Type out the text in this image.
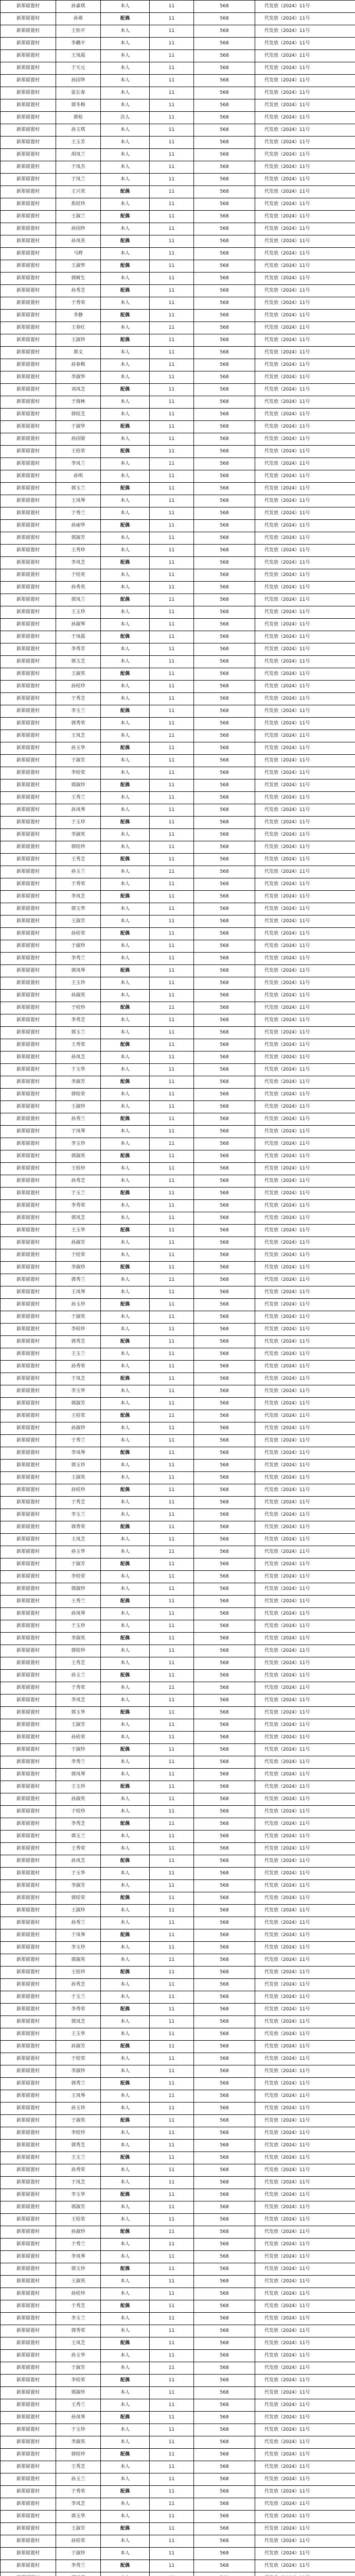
新郑留置村	孙嘉琪	本人	11	568	代发放（2024）11号
新郑留置村	孙萌	配偶	11	568	代发放（2024）11号
新郑留置村	王怡平	本人	11	568	代发放（2024）11号
新郑留置村	李璐平	本人	11	568	代发放（2024）11号
新郑留置村	王凤霞	本人	11	568	代发放（2024）11号
新郑留置村	于天元	本人	11	568	代发放（2024）11号
新郑留置村	孙国华	本人	11	568	代发放（2024）11号
新郑留置村	张长春	本人	11	568	代发放（2024）11号
新郑留置村	郭冬梅	本人	11	568	代发放（2024）11号
新郑留置村	郭桂	次人	11	568	代发放（2024）11号
新郑留置村	孙玉琪	本人	11	568	代发放（2024）11号
新郑留置村	王玉芳	本人	11	568	代发放（2024）11号
新郑留置村	胡凤兰	本人	11	568	代发放（2024）11号
新郑留置村	于凤杰	本人	11	568	代发放（2024）11号
新郑留置村	于凤兰	本人	11	568	代发放（2024）11号
新郑留置村	王兴荣	配偶	11	568	代发放（2024）11号
新郑留置村	焦桂珍	本人	11	568	代发放（2024）11号
新郑留置村	王淑兰	配偶	11	568	代发放（2024）11号
新郑留置村	孙国珍	本人	11	568	代发放（2024）11号
新郑留置村	孙凤英	配偶	11	568	代发放（2024）11号
新郑留置村	马辉	本人	11	568	代发放（2024）11号
新郑留置村	王淑华	配偶	11	568	代发放（2024）11号
新郑留置村	郭树生	本人	11	568	代发放（2024）11号
新郑留置村	孙秀芝	配偶	11	568	代发放（2024）11号
新郑留置村	于秀荣	本人	11	568	代发放（2024）11号
新郑留置村	李静	配偶	11	568	代发放（2024）11号
新郑留置村	王春红	本人	11	568	代发放（2024）11号
新郑留置村	王淑珍	配偶	11	568	代发放（2024）11号
新郑留置村	郭文	本人	11	568	代发放（2024）11号
新郑留置村	孙春梅	本人	11	568	代发放（2024）11号
新郑留置村	李淑华	本人	11	568	代发放（2024）11号
新郑留置村	刘凤芝	配偶	11	568	代发放（2024）11号
新郑留置村	于海林	本人	11	568	代发放（2024）11号
新郑留置村	郭桂芝	本人	11	568	代发放（2024）11号
新郑留置村	于淑华	配偶	11	568	代发放（2024）11号
新郑留置村	孙国梁	本人	11	568	代发放（2024）11号
新郑留置村	王桂荣	配偶	11	568	代发放（2024）11号
新郑留置村	李凤兰	本人	11	568	代发放（2024）11号
新郑留置村	孙明	本人	11	568	代发放（2024）11号
新郑留置村	郭玉兰	配偶	11	568	代发放（2024）11号
新郑留置村	王凤琴	本人	11	568	代发放（2024）11号
新郑留置村	于秀兰	本人	11	568	代发放（2024）11号
新郑留置村	孙丽华	配偶	11	568	代发放（2024）11号
新郑留置村	郭淑芳	本人	11	568	代发放（2024）11号
新郑留置村	王秀珍	本人	11	568	代发放（2024）11号
新郑留置村	李凤芝	配偶	11	568	代发放（2024）11号
新郑留置村	于桂英	本人	11	568	代发放（2024）11号
新郑留置村	孙秀英	本人	11	568	代发放（2024）11号
新郑留置村	郭凤兰	配偶	11	568	代发放（2024）11号
新郑留置村	王玉珍	本人	11	568	代发放（2024）11号
新郑留置村	孙淑琴	本人	11	568	代发放（2024）11号
新郑留置村	于凤霞	配偶	11	568	代发放（2024）11号
新郑留置村	李秀芳	本人	11	568	代发放（2024）11号
新郑留置村	郭玉芝	本人	11	568	代发放（2024）11号
新郑留置村	王淑英	配偶	11	568	代发放（2024）11号
新郑留置村	孙桂珍	本人	11	568	代发放（2024）11号
新郑留置村	于秀芝	本人	11	568	代发放（2024）11号
新郑留置村	李玉兰	配偶	11	568	代发放（2024）11号
新郑留置村	郭秀荣	本人	11	568	代发放（2024）11号
新郑留置村	王凤芝	本人	11	568	代发放（2024）11号
新郑留置村	孙玉华	配偶	11	568	代发放（2024）11号
新郑留置村	于淑芳	本人	11	568	代发放（2024）11号
新郑留置村	李桂荣	本人	11	568	代发放（2024）11号
新郑留置村	郭淑珍	配偶	11	568	代发放（2024）11号
新郑留置村	王秀兰	本人	11	568	代发放（2024）11号
新郑留置村	孙凤琴	本人	11	568	代发放（2024）11号
新郑留置村	于玉珍	配偶	11	568	代发放（2024）11号
新郑留置村	李淑英	本人	11	568	代发放（2024）11号
新郑留置村	郭桂珍	本人	11	568	代发放（2024）11号
新郑留置村	王秀芝	配偶	11	568	代发放（2024）11号
新郑留置村	孙玉兰	本人	11	568	代发放（2024）11号
新郑留置村	于秀荣	本人	11	568	代发放（2024）11号
新郑留置村	李凤芝	配偶	11	568	代发放（2024）11号
新郑留置村	郭玉华	本人	11	568	代发放（2024）11号
新郑留置村	王淑芳	本人	11	568	代发放（2024）11号
新郑留置村	孙桂荣	配偶	11	568	代发放（2024）11号
新郑留置村	于淑珍	本人	11	568	代发放（2024）11号
新郑留置村	李秀兰	本人	11	568	代发放（2024）11号
新郑留置村	郭凤琴	配偶	11	568	代发放（2024）11号
新郑留置村	王玉珍	本人	11	568	代发放（2024）11号
新郑留置村	孙淑英	本人	11	568	代发放（2024）11号
新郑留置村	于桂珍	配偶	11	568	代发放（2024）11号
新郑留置村	李秀芝	本人	11	568	代发放（2024）11号
新郑留置村	郭玉兰	本人	11	568	代发放（2024）11号
新郑留置村	王秀荣	配偶	11	568	代发放（2024）11号
新郑留置村	孙凤芝	本人	11	568	代发放（2024）11号
新郑留置村	于玉华	本人	11	568	代发放（2024）11号
新郑留置村	李淑芳	配偶	11	568	代发放（2024）11号
新郑留置村	郭桂荣	本人	11	568	代发放（2024）11号
新郑留置村	王淑珍	本人	11	568	代发放（2024）11号
新郑留置村	孙秀兰	配偶	11	568	代发放（2024）11号
新郑留置村	于凤琴	本人	11	568	代发放（2024）11号
新郑留置村	李玉珍	本人	11	568	代发放（2024）11号
新郑留置村	郭淑英	配偶	11	568	代发放（2024）11号
新郑留置村	王桂珍	本人	11	568	代发放（2024）11号
新郑留置村	孙秀芝	本人	11	568	代发放（2024）11号
新郑留置村	于玉兰	配偶	11	568	代发放（2024）11号
新郑留置村	李秀荣	本人	11	568	代发放（2024）11号
新郑留置村	郭凤芝	本人	11	568	代发放（2024）11号
新郑留置村	王玉华	配偶	11	568	代发放（2024）11号
新郑留置村	孙淑芳	本人	11	568	代发放（2024）11号
新郑留置村	于桂荣	本人	11	568	代发放（2024）11号
新郑留置村	李淑珍	配偶	11	568	代发放（2024）11号
新郑留置村	郭秀兰	本人	11	568	代发放（2024）11号
新郑留置村	王凤琴	本人	11	568	代发放（2024）11号
新郑留置村	孙玉珍	配偶	11	568	代发放（2024）11号
新郑留置村	于淑英	本人	11	568	代发放（2024）11号
新郑留置村	李桂珍	本人	11	568	代发放（2024）11号
新郑留置村	郭秀芝	配偶	11	568	代发放（2024）11号
新郑留置村	王玉兰	本人	11	568	代发放（2024）11号
新郑留置村	孙秀荣	本人	11	568	代发放（2024）11号
新郑留置村	于凤芝	配偶	11	568	代发放（2024）11号
新郑留置村	李玉华	本人	11	568	代发放（2024）11号
新郑留置村	郭淑芳	本人	11	568	代发放（2024）11号
新郑留置村	王桂荣	配偶	11	568	代发放（2024）11号
新郑留置村	孙淑珍	本人	11	568	代发放（2024）11号
新郑留置村	于秀兰	本人	11	568	代发放（2024）11号
新郑留置村	李凤琴	配偶	11	568	代发放（2024）11号
新郑留置村	郭玉珍	本人	11	568	代发放（2024）11号
新郑留置村	王淑英	本人	11	568	代发放（2024）11号
新郑留置村	孙桂珍	配偶	11	568	代发放（2024）11号
新郑留置村	于秀芝	本人	11	568	代发放（2024）11号
新郑留置村	李玉兰	本人	11	568	代发放（2024）11号
新郑留置村	郭秀荣	配偶	11	568	代发放（2024）11号
新郑留置村	王凤芝	本人	11	568	代发放（2024）11号
新郑留置村	孙玉华	本人	11	568	代发放（2024）11号
新郑留置村	于淑芳	配偶	11	568	代发放（2024）11号
新郑留置村	李桂荣	本人	11	568	代发放（2024）11号
新郑留置村	郭淑珍	本人	11	568	代发放（2024）11号
新郑留置村	王秀兰	配偶	11	568	代发放（2024）11号
新郑留置村	孙凤琴	本人	11	568	代发放（2024）11号
新郑留置村	于玉珍	本人	11	568	代发放（2024）11号
新郑留置村	李淑英	配偶	11	568	代发放（2024）11号
新郑留置村	郭桂珍	本人	11	568	代发放（2024）11号
新郑留置村	王秀芝	本人	11	568	代发放（2024）11号
新郑留置村	孙玉兰	配偶	11	568	代发放（2024）11号
新郑留置村	于秀荣	本人	11	568	代发放（2024）11号
新郑留置村	李凤芝	本人	11	568	代发放（2024）11号
新郑留置村	郭玉华	配偶	11	568	代发放（2024）11号
新郑留置村	王淑芳	本人	11	568	代发放（2024）11号
新郑留置村	孙桂荣	本人	11	568	代发放（2024）11号
新郑留置村	于淑珍	配偶	11	568	代发放（2024）11号
新郑留置村	李秀兰	本人	11	568	代发放（2024）11号
新郑留置村	郭凤琴	本人	11	568	代发放（2024）11号
新郑留置村	王玉珍	配偶	11	568	代发放（2024）11号
新郑留置村	孙淑英	本人	11	568	代发放（2024）11号
新郑留置村	于桂珍	本人	11	568	代发放（2024）11号
新郑留置村	李秀芝	配偶	11	568	代发放（2024）11号
新郑留置村	郭玉兰	本人	11	568	代发放（2024）11号
新郑留置村	王秀荣	本人	11	568	代发放（2024）11号
新郑留置村	孙凤芝	配偶	11	568	代发放（2024）11号
新郑留置村	于玉华	本人	11	568	代发放（2024）11号
新郑留置村	李淑芳	本人	11	568	代发放（2024）11号
新郑留置村	郭桂荣	配偶	11	568	代发放（2024）11号
新郑留置村	王淑珍	本人	11	568	代发放（2024）11号
新郑留置村	孙秀兰	本人	11	568	代发放（2024）11号
新郑留置村	于凤琴	配偶	11	568	代发放（2024）11号
新郑留置村	李玉珍	本人	11	568	代发放（2024）11号
新郑留置村	郭淑英	本人	11	568	代发放（2024）11号
新郑留置村	王桂珍	配偶	11	568	代发放（2024）11号
新郑留置村	孙秀芝	本人	11	568	代发放（2024）11号
新郑留置村	于玉兰	本人	11	568	代发放（2024）11号
新郑留置村	李秀荣	配偶	11	568	代发放（2024）11号
新郑留置村	郭凤芝	本人	11	568	代发放（2024）11号
新郑留置村	王玉华	本人	11	568	代发放（2024）11号
新郑留置村	孙淑芳	配偶	11	568	代发放（2024）11号
新郑留置村	于桂荣	本人	11	568	代发放（2024）11号
新郑留置村	李淑珍	本人	11	568	代发放（2024）11号
新郑留置村	郭秀兰	配偶	11	568	代发放（2024）11号
新郑留置村	王凤琴	本人	11	568	代发放（2024）11号
新郑留置村	孙玉珍	本人	11	568	代发放（2024）11号
新郑留置村	于淑英	配偶	11	568	代发放（2024）11号
新郑留置村	李桂珍	本人	11	568	代发放（2024）11号
新郑留置村	郭秀芝	本人	11	568	代发放（2024）11号
新郑留置村	王玉兰	配偶	11	568	代发放（2024）11号
新郑留置村	孙秀荣	本人	11	568	代发放（2024）11号
新郑留置村	于凤芝	本人	11	568	代发放（2024）11号
新郑留置村	李玉华	配偶	11	568	代发放（2024）11号
新郑留置村	郭淑芳	本人	11	568	代发放（2024）11号
新郑留置村	王桂荣	本人	11	568	代发放（2024）11号
新郑留置村	孙淑珍	配偶	11	568	代发放（2024）11号
新郑留置村	于秀兰	本人	11	568	代发放（2024）11号
新郑留置村	李凤琴	本人	11	568	代发放（2024）11号
新郑留置村	郭玉珍	配偶	11	568	代发放（2024）11号
新郑留置村	王淑英	本人	11	568	代发放（2024）11号
新郑留置村	孙桂珍	本人	11	568	代发放（2024）11号
新郑留置村	于秀芝	配偶	11	568	代发放（2024）11号
新郑留置村	李玉兰	本人	11	568	代发放（2024）11号
新郑留置村	郭秀荣	本人	11	568	代发放（2024）11号
新郑留置村	王凤芝	配偶	11	568	代发放（2024）11号
新郑留置村	孙玉华	本人	11	568	代发放（2024）11号
新郑留置村	于淑芳	本人	11	568	代发放（2024）11号
新郑留置村	李桂荣	配偶	11	568	代发放（2024）11号
新郑留置村	郭淑珍	本人	11	568	代发放（2024）11号
新郑留置村	王秀兰	本人	11	568	代发放（2024）11号
新郑留置村	孙凤琴	配偶	11	568	代发放（2024）11号
新郑留置村	于玉珍	本人	11	568	代发放（2024）11号
新郑留置村	李淑英	本人	11	568	代发放（2024）11号
新郑留置村	郭桂珍	配偶	11	568	代发放（2024）11号
新郑留置村	王秀芝	本人	11	568	代发放（2024）11号
新郑留置村	孙玉兰	本人	11	568	代发放（2024）11号
新郑留置村	于秀荣	配偶	11	568	代发放（2024）11号
新郑留置村	李凤芝	本人	11	568	代发放（2024）11号
新郑留置村	郭玉华	本人	11	568	代发放（2024）11号
新郑留置村	王淑芳	配偶	11	568	代发放（2024）11号
新郑留置村	孙桂荣	本人	11	568	代发放（2024）11号
新郑留置村	于淑珍	本人	11	568	代发放（2024）11号
新郑留置村	李秀兰	配偶	11	568	代发放（2024）11号
